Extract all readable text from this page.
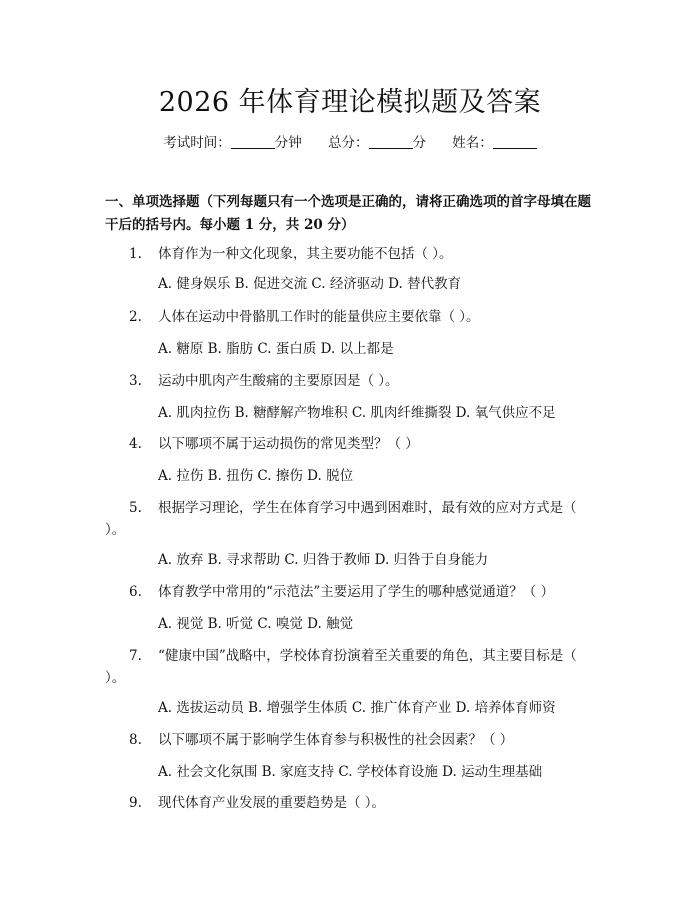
2026 年体育理论模拟题及答案
考试时间：	分钟 总分：	分 姓名：
一、单项选择题（下列每题只有一个选项是正确的，请将正确选项的首字母填在题干后的括号内。每小题 1 分，共 20 分）
1. 体育作为一种文化现象，其主要功能不包括（ ）。
A. 健身娱乐 B. 促进交流 C. 经济驱动 D. 替代教育
2. 人体在运动中骨骼肌工作时的能量供应主要依靠（ ）。
A. 糖原 B. 脂肪 C. 蛋白质 D. 以上都是
3. 运动中肌肉产生酸痛的主要原因是（ ）。
A. 肌肉拉伤 B. 糖酵解产物堆积 C. 肌肉纤维撕裂 D. 氧气供应不足
4. 以下哪项不属于运动损伤的常见类型？（ ）
A. 拉伤 B. 扭伤 C. 擦伤 D. 脱位
5. 根据学习理论，学生在体育学习中遇到困难时，最有效的应对方式是（ ）。
A. 放弃 B. 寻求帮助 C. 归咎于教师 D. 归咎于自身能力
6. 体育教学中常用的“示范法”主要运用了学生的哪种感觉通道？（ ）
A. 视觉 B. 听觉 C. 嗅觉 D. 触觉
7. “健康中国”战略中，学校体育扮演着至关重要的角色，其主要目标是（ ）。
A. 选拔运动员 B. 增强学生体质 C. 推广体育产业 D. 培养体育师资
8. 以下哪项不属于影响学生体育参与积极性的社会因素？（ ）
A. 社会文化氛围 B. 家庭支持 C. 学校体育设施 D. 运动生理基础
9. 现代体育产业发展的重要趋势是（ ）。
